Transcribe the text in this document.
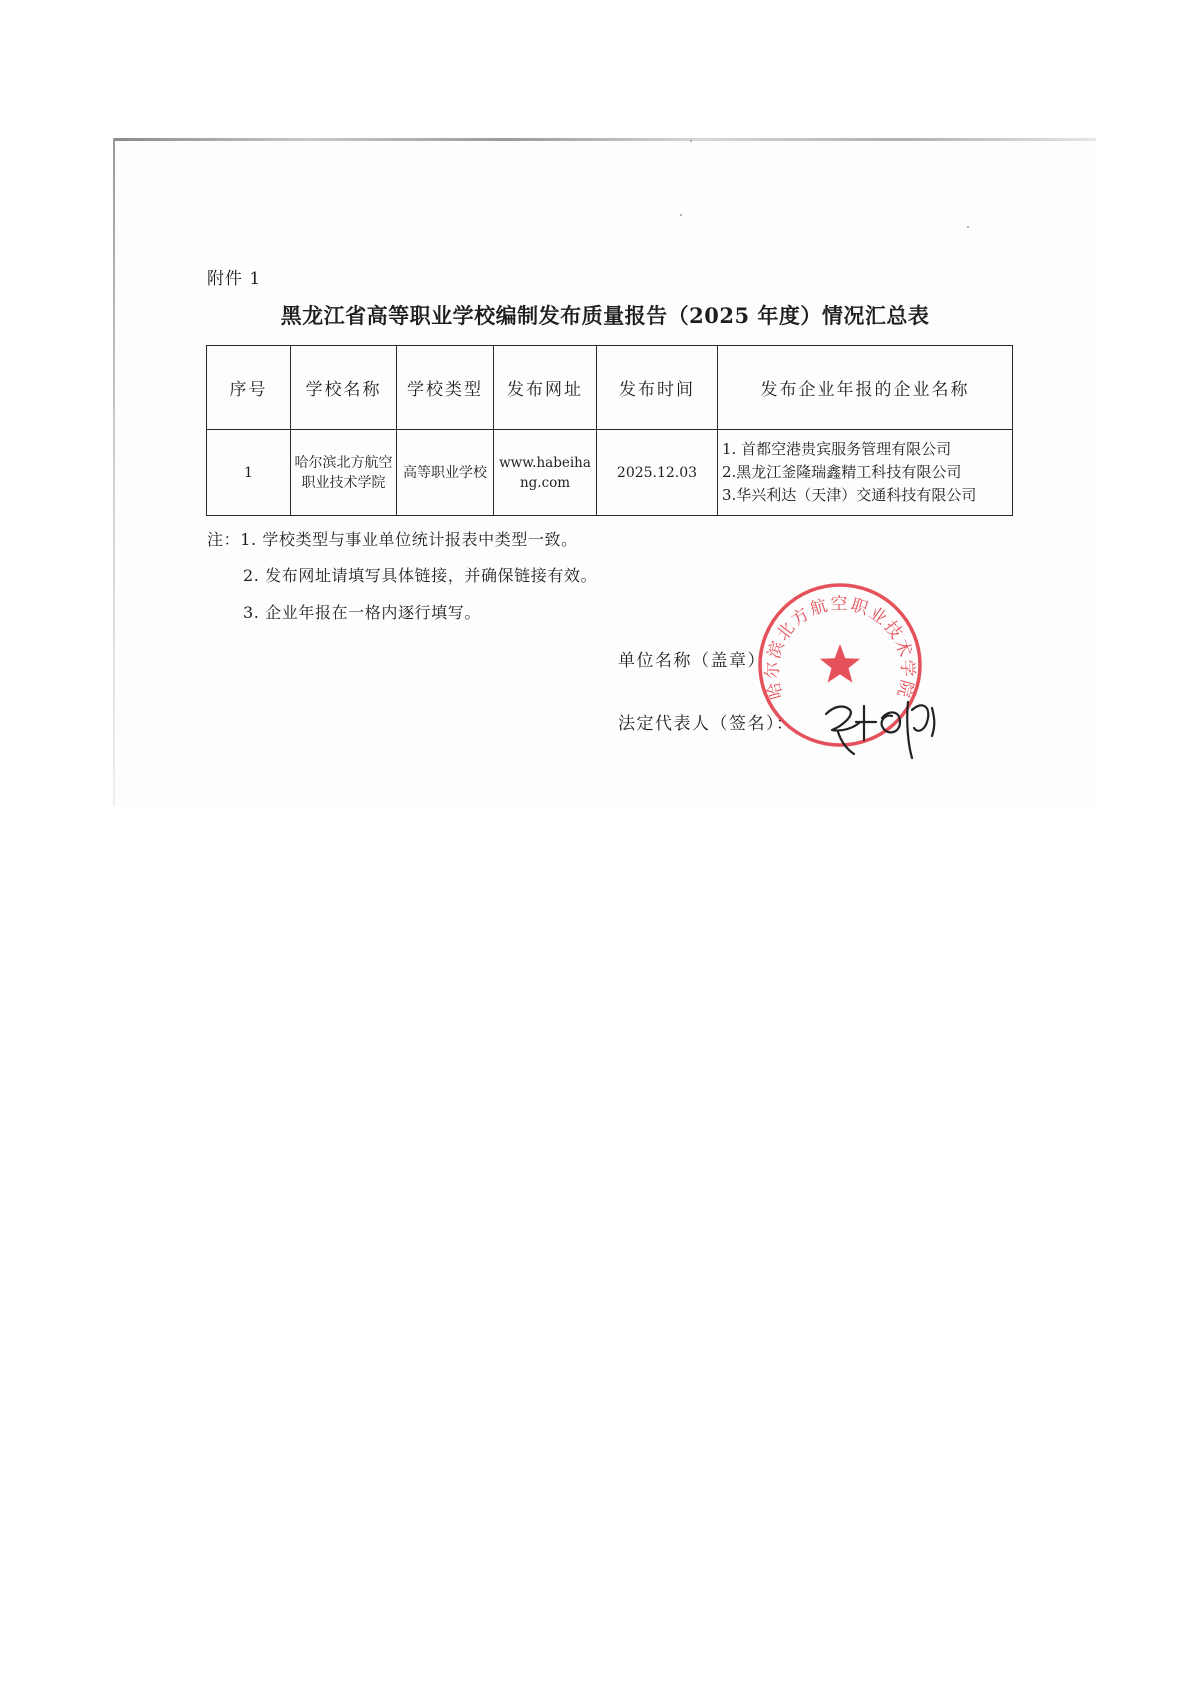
附件 1
黑龙江省高等职业学校编制发布质量报告（2025 年度）情况汇总表
序号	学校名称	学校类型	发布网址	发布时间	发布企业年报的企业名称
1	哈尔滨北方航空职业技术学院	高等职业学校	www.habeihang.com	2025.12.03	1. 首都空港贵宾服务管理有限公司
2.黑龙江釜隆瑞鑫精工科技有限公司
3.华兴利达（天津）交通科技有限公司
注：1. 学校类型与事业单位统计报表中类型一致。
2. 发布网址请填写具体链接，并确保链接有效。
3. 企业年报在一格内逐行填写。
单位名称（盖章）
法定代表人（签名）：
哈尔滨北方航空职业技术学院
